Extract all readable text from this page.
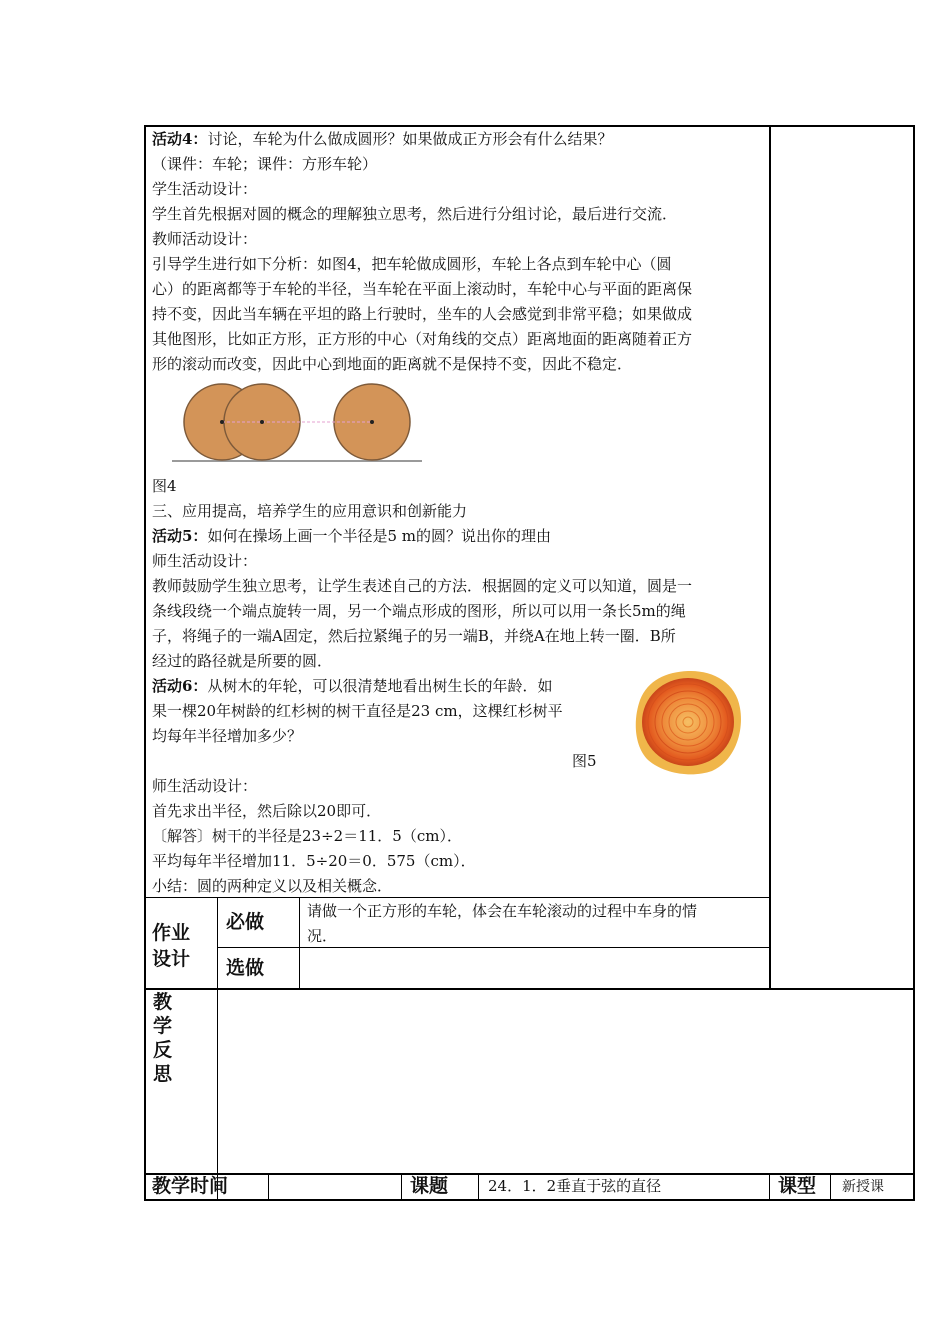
活动4：讨论，车轮为什么做成圆形？如果做成正方形会有什么结果？
（课件：车轮；课件：方形车轮）
学生活动设计：
学生首先根据对圆的概念的理解独立思考，然后进行分组讨论，最后进行交流．
教师活动设计：
引导学生进行如下分析：如图4，把车轮做成圆形，车轮上各点到车轮中心（圆
心）的距离都等于车轮的半径，当车轮在平面上滚动时，车轮中心与平面的距离保
持不变，因此当车辆在平坦的路上行驶时，坐车的人会感觉到非常平稳；如果做成
其他图形，比如正方形，正方形的中心（对角线的交点）距离地面的距离随着正方
形的滚动而改变，因此中心到地面的距离就不是保持不变，因此不稳定．
图4
三、应用提高，培养学生的应用意识和创新能力
活动5：如何在操场上画一个半径是5 m的圆？说出你的理由
师生活动设计：
教师鼓励学生独立思考，让学生表述自己的方法．根据圆的定义可以知道，圆是一
条线段绕一个端点旋转一周，另一个端点形成的图形，所以可以用一条长5m的绳
子，将绳子的一端A固定，然后拉紧绳子的另一端B，并绕A在地上转一圈．B所
经过的路径就是所要的圆．
活动6：从树木的年轮，可以很清楚地看出树生长的年龄．如
果一棵20年树龄的红杉树的树干直径是23 cm，这棵红杉树平
均每年半径增加多少？
图5
师生活动设计：
首先求出半径，然后除以20即可．
〔解答〕树干的半径是23÷2＝11．5（cm）．
平均每年半径增加11．5÷20＝0．575（cm）．
小结：圆的两种定义以及相关概念．
作业
设计
必做	请做一个正方形的车轮，体会在车轮滚动的过程中车身的情
况．
选做
教
学
反
思
教学时间	课题	24．1．2垂直于弦的直径	课型 新授课
